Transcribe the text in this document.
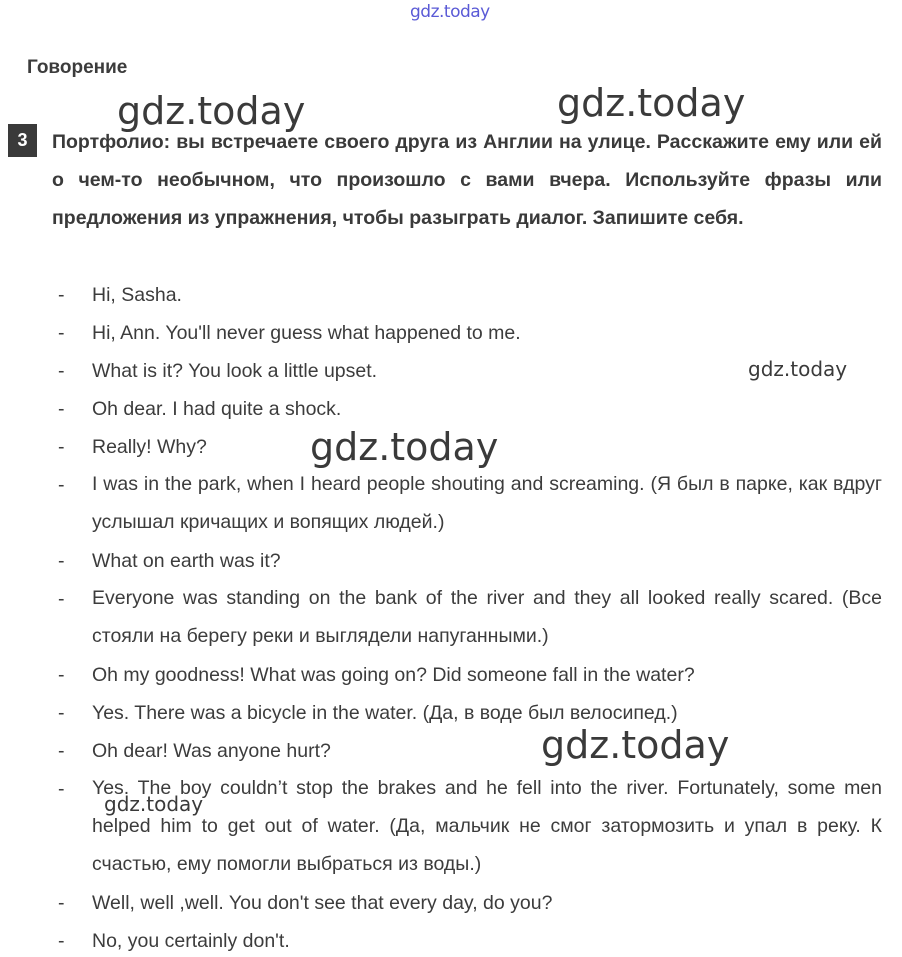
gdz.today
Говорение
3	Портфолио: вы встречаете своего друга из Англии на улице. Расскажите ему или ей о чем-то необычном, что произошло с вами вчера. Используйте фразы или предложения из упражнения, чтобы разыграть диалог. Запишите себя.

- Hi, Sasha.
- Hi, Ann. You'll never guess what happened to me.
- What is it? You look a little upset.
- Oh dear. I had quite a shock.
- Really! Why?
- I was in the park, when I heard people shouting and screaming. (Я был в парке, как вдруг услышал кричащих и вопящих людей.)
- What on earth was it?
- Everyone was standing on the bank of the river and they all looked really scared. (Все стояли на берегу реки и выглядели напуганными.)
- Oh my goodness! What was going on? Did someone fall in the water?
- Yes. There was a bicycle in the water. (Да, в воде был велосипед.)
- Oh dear! Was anyone hurt?
- Yes. The boy couldn’t stop the brakes and he fell into the river. Fortunately, some men helped him to get out of water. (Да, мальчик не смог затормозить и упал в реку. К счастью, ему помогли выбраться из воды.)
- Well, well ,well. You don't see that every day, do you?
- No, you certainly don't.
gdz.today	gdz.today
gdz.today
gdz.today
gdz.today
gdz.today
